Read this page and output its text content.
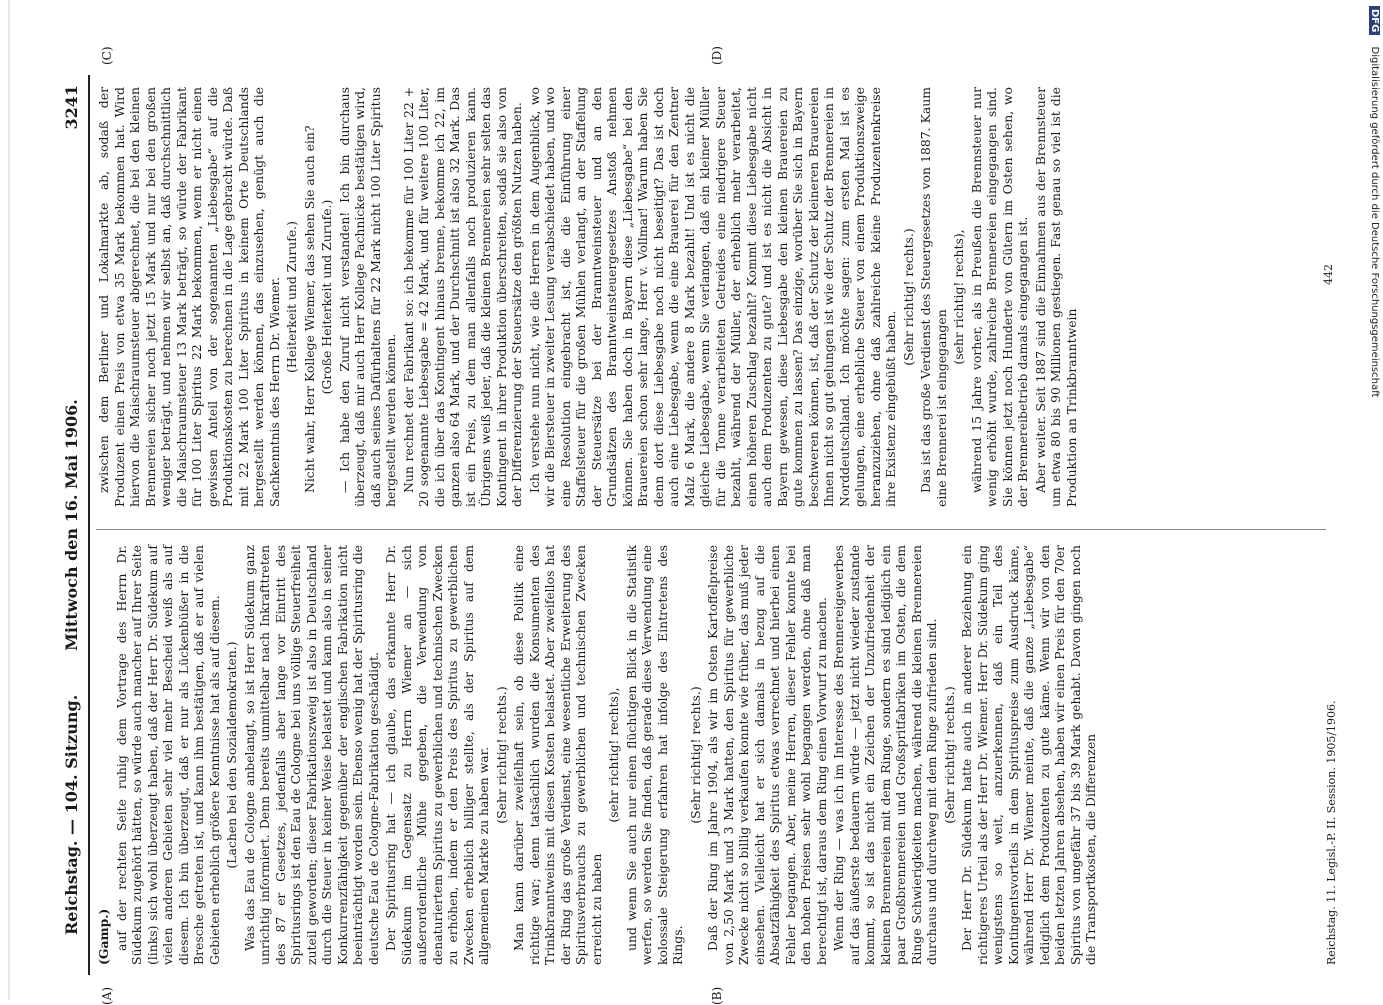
Reichstag. — 104. Sitzung.
Mittwoch den 16. Mai 1906.
3241

(Gamp.) auf der rechten Seite ruhig dem Vortrage des Herrn Dr. Südekum zugehört hätten, so würde auch mancher auf Ihrer Seite (links) sich wohl überzeugt haben, daß der Herr Dr. Südekum auf vielen anderen Gebieten sehr viel mehr Bescheid weiß als auf diesem. Ich bin überzeugt, daß er nur als Lückenbüßer in die Bresche getreten ist, und kann ihm bestätigen, daß er auf vielen Gebieten erheblich größere Kenntnisse hat als auf diesem. (Lachen bei den Sozialdemokraten.) Was das Eau de Cologne anbelangt, so ist Herr Südekum ganz unrichtig informiert. Denn bereits unmittelbar nach Inkrafttreten des 87 er Gesetzes, jedenfalls aber lange vor Eintritt des Spiritusrings ist den Eau de Cologne bei uns völlige Steuerfreiheit zuteil geworden; dieser Fabrikationszweig ist also in Deutschland durch die Steuer in keiner Weise belastet und kann also in seiner Konkurrenzfähigkeit gegenüber der englischen Fabrikation nicht beeinträchtigt worden sein. Ebenso wenig hat der Spiritusring die deutsche Eau de Cologne-Fabrikation geschädigt. Der Spiritusring hat — ich glaube, das erkannte Herr Dr. Südekum im Gegensatz zu Herrn Wiemer an — sich außerordentliche Mühe gegeben, die Verwendung von denaturiertem Spiritus zu gewerblichen und technischen Zwecken zu erhöhen, indem er den Preis des Spiritus zu gewerblichen Zwecken erheblich billiger stellte, als der Spiritus auf dem allgemeinen Markte zu haben war. (Sehr richtig! rechts.) Man kann darüber zweifelhaft sein, ob diese Politik eine richtige war; denn tatsächlich wurden die Konsumenten des Trinkbranntweins mit diesen Kosten belastet. Aber zweifellos hat der Ring das große Verdienst, eine wesentliche Erweiterung des Spiritusverbrauchs zu gewerblichen und technischen Zwecken erreicht zu haben

(sehr richtig! rechts), und wenn Sie auch nur einen flüchtigen Blick in die Statistik werfen, so werden Sie finden, daß gerade diese Verwendung eine kolossale Steigerung erfahren hat infolge des Eintretens des Rings.

(Sehr richtig! rechts.) Daß der Ring im Jahre 1904, als wir im Osten Kartoffelpreise von 2,50 Mark und 3 Mark hatten, den Spiritus für gewerbliche Zwecke nicht so billig verkaufen konnte wie früher, das muß jeder einsehen. Vielleicht hat er sich damals in bezug auf die Absatzfähigkeit des Spiritus etwas verrechnet und hierbei einen Fehler begangen. Aber, meine Herren, dieser Fehler konnte bei den hohen Preisen sehr wohl begangen werden, ohne daß man berechtigt ist, daraus dem Ring einen Vorwurf zu machen. Wenn der Ring — was ich im Interesse des Brennereigewerbes auf das äußerste bedauern würde — jetzt nicht wieder zustande kommt, so ist das nicht ein Zeichen der Unzufriedenheit der kleinen Brennereien mit dem Ringe, sondern es sind lediglich ein paar Großbrennereien und Großspritfabriken im Osten, die dem Ringe Schwierigkeiten machen, während die kleinen Brennereien durchaus und durchweg mit dem Ringe zufrieden sind. (Sehr richtig! rechts.) Der Herr Dr. Südekum hatte auch in anderer Beziehung ein richtigeres Urteil als der Herr Dr. Wiemer. Herr Dr. Südekum ging wenigstens so weit, anzuerkennen, daß ein Teil des Kontingentsvorteils in dem Spirituspreise zum Ausdruck käme, während Herr Dr. Wiemer meinte, daß die ganze „Liebesgabe“ lediglich dem Produzenten zu gute käme. Wenn wir von den beiden letzten Jahren absehen, haben wir einen Preis für den 70er Spiritus von ungefähr 37 bis 39 Mark gehabt. Davon gingen noch die Transportkosten, die Differenzen

zwischen dem Berliner und Lokalmarkte ab, sodaß der Produzent einen Preis von etwa 35 Mark bekommen hat. Wird hiervon die Maischraumsteuer abgerechnet, die bei den kleinen Brennereien sicher noch jetzt 15 Mark und nur bei den großen weniger beträgt, und nehmen wir selbst an, daß durchschnittlich die Maischraumsteuer 13 Mark beträgt, so würde der Fabrikant für 100 Liter Spiritus 22 Mark bekommen, wenn er nicht einen gewissen Anteil von der sogenannten „Liebesgabe“ auf die Produktionskosten zu berechnen in die Lage gebracht würde. Daß mit 22 Mark 100 Liter Spiritus in keinem Orte Deutschlands hergestellt werden können, das einzusehen, genügt auch die Sachkenntnis des Herrn Dr. Wiemer. (Heiterkeit und Zurufe.) Nicht wahr, Herr Kollege Wiemer, das sehen Sie auch ein? (Große Heiterkeit und Zurufe.) — Ich habe den Zuruf nicht verstanden! Ich bin durchaus überzeugt, daß mir auch Herr Kollege Pachnicke bestätigen wird, daß auch seines Dafürhaltens für 22 Mark nicht 100 Liter Spiritus hergestellt werden können. Nun rechnet der Fabrikant so: ich bekomme für 100 Liter 22 + 20 sogenannte Liebesgabe = 42 Mark, und für weitere 100 Liter, die ich über das Kontingent hinaus brenne, bekomme ich 22, im ganzen also 64 Mark, und der Durchschnitt ist also 32 Mark. Das ist ein Preis, zu dem man allenfalls noch produzieren kann. Übrigens weiß jeder, daß die kleinen Brennereien sehr selten das Kontingent in ihrer Produktion überschreiten, sodaß sie also von der Differenzierung der Steuersätze den größten Nutzen haben. Ich verstehe nun nicht, wie die Herren in dem Augenblick, wo wir die Biersteuer in zweiter Lesung verabschiedet haben, und wo eine Resolution eingebracht ist, die die Einführung einer Staffelsteuer für die großen Mühlen verlangt, an der Staffelung der Steuersätze bei der Branntweinsteuer und an den Grundsätzen des Branntweinsteuergesetzes Anstoß nehmen können. Sie haben doch in Bayern diese „Liebesgabe“ bei den Brauereien schon sehr lange, Herr v. Vollmar! Warum haben Sie denn dort diese Liebesgabe noch nicht beseitigt? Das ist doch auch eine Liebesgabe, wenn die eine Brauerei für den Zentner Malz 6 Mark, die andere 8 Mark bezahlt! Und ist es nicht die gleiche Liebesgabe, wenn Sie verlangen, daß ein kleiner Müller für die Tonne verarbeiteten Getreides eine niedrigere Steuer bezahlt, während der Müller, der erheblich mehr verarbeitet, einen höheren Zuschlag bezahlt? Kommt diese Liebesgabe nicht auch dem Produzenten zu gute? und ist es nicht die Absicht in Bayern gewesen, diese Liebesgabe den kleinen Brauereien zu gute kommen zu lassen? Das einzige, worüber Sie sich in Bayern beschweren können, ist, daß der Schutz der kleineren Brauereien Ihnen nicht so gut gelungen ist wie der Schutz der Brennereien in Norddeutschland. Ich möchte sagen: zum ersten Mal ist es gelungen, eine erhebliche Steuer von einem Produktionszweige heranzuziehen, ohne daß zahlreiche kleine Produzentenkreise ihre Existenz eingebüßt haben.

(Sehr richtig! rechts.) Das ist das große Verdienst des Steuergesetzes von 1887. Kaum eine Brennerei ist eingegangen

(sehr richtig! rechts), während 15 Jahre vorher, als in Preußen die Brennsteuer nur wenig erhöht wurde, zahlreiche Brennereien eingegangen sind. Sie können jetzt noch Hunderte von Gütern im Osten sehen, wo der Brennereibetrieb damals eingegangen ist. Aber weiter. Seit 1887 sind die Einnahmen aus der Brennsteuer um etwa 80 bis 90 Millionen gestiegen. Fast genau so viel ist die Produktion an Trinkbranntwein

(A)	(B)
(C)	(D)
Reichstag. 11. Legisl.-P. II. Session. 1905/1906.
442
DFG Digitalisierung gefördert durch die Deutsche Forschungsgemeinschaft
